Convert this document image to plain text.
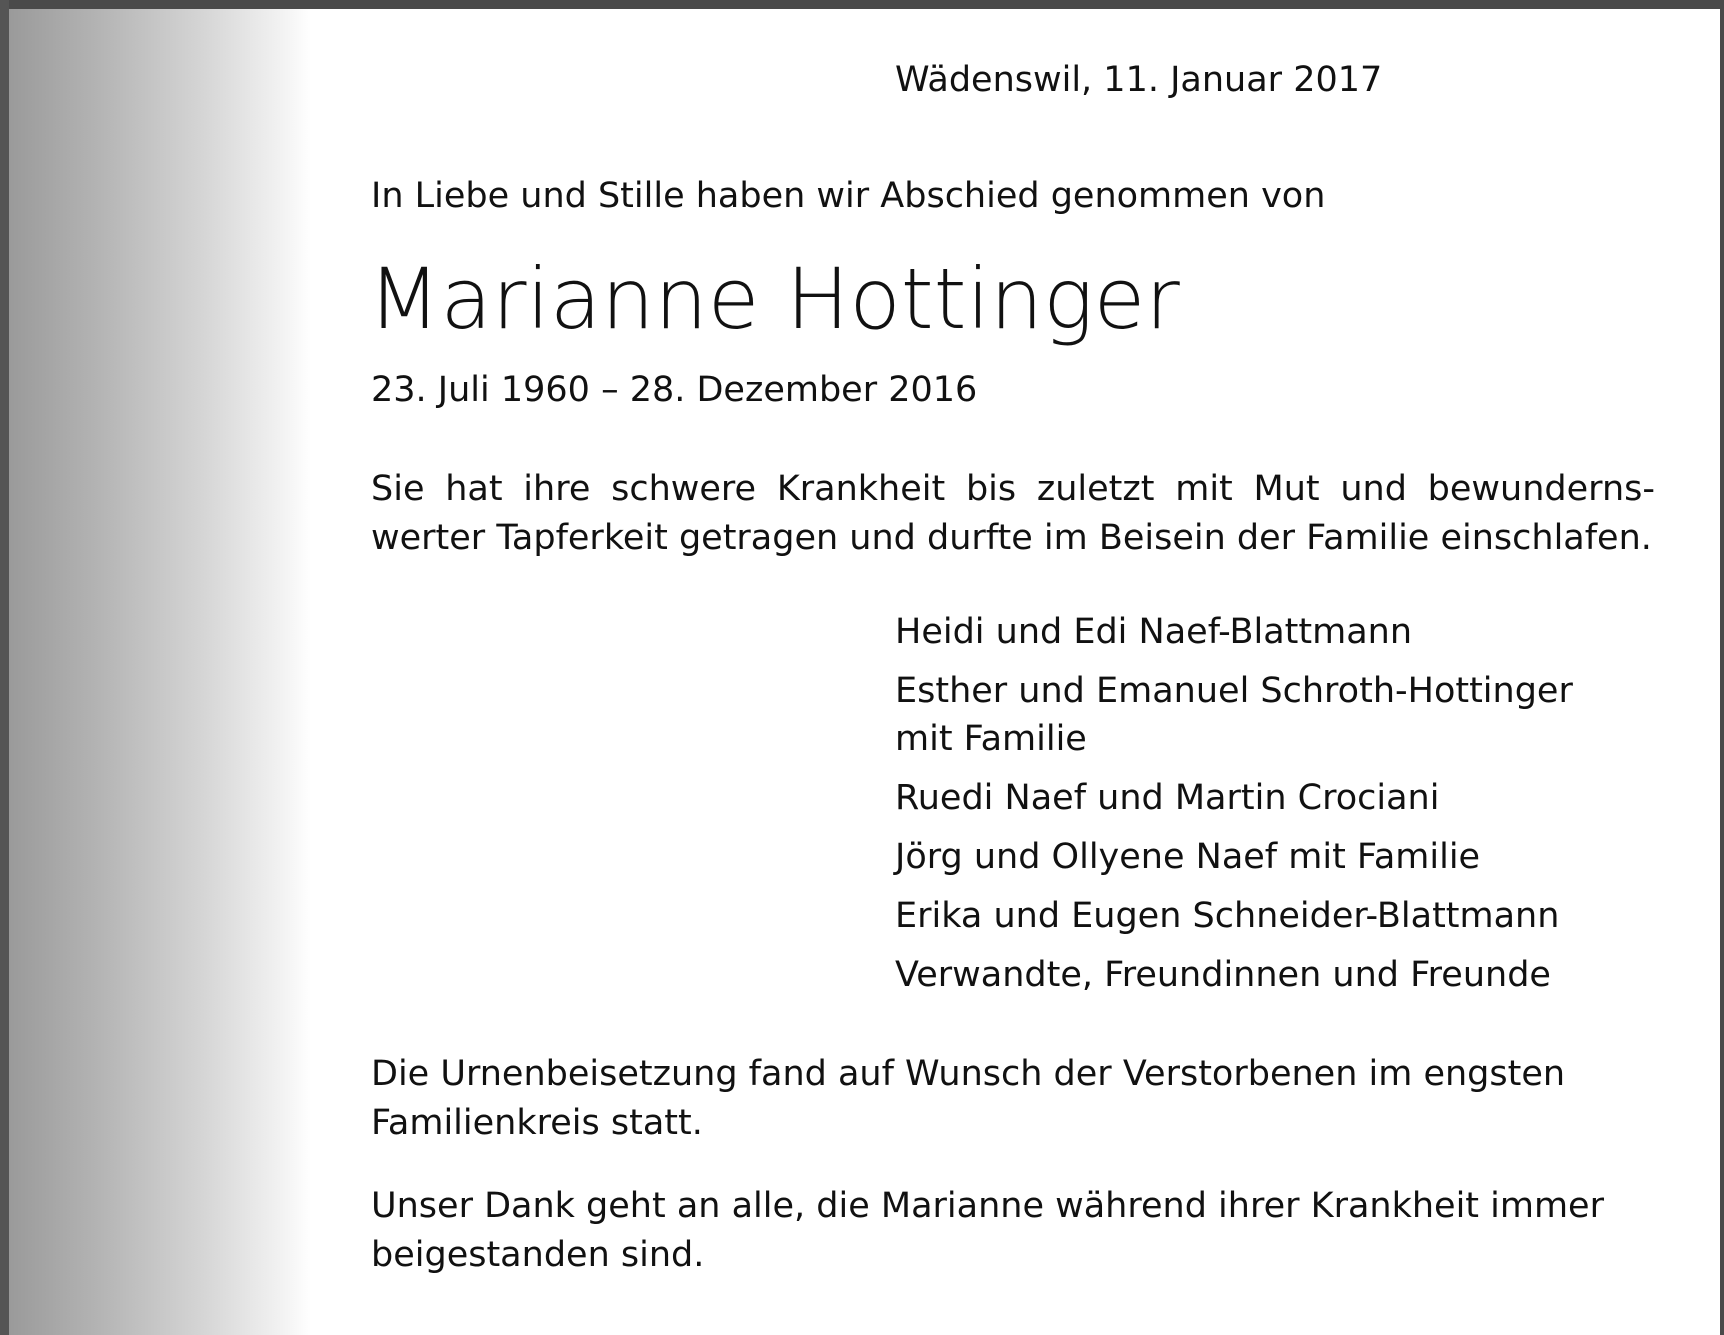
Wädenswil, 11. Januar 2017

In Liebe und Stille haben wir Abschied genommen von

Marianne Hottinger

23. Juli 1960 – 28. Dezember 2016

Sie hat ihre schwere Krankheit bis zuletzt mit Mut und bewunderns-
werter Tapferkeit getragen und durfte im Beisein der Familie einschlafen.
Heidi und Edi Naef-Blattmann
Esther und Emanuel Schroth-Hottinger
mit Familie
Ruedi Naef und Martin Crociani
Jörg und Ollyene Naef mit Familie
Erika und Eugen Schneider-Blattmann
Verwandte, Freundinnen und Freunde
Die Urnenbeisetzung fand auf Wunsch der Verstorbenen im engsten
Familienkreis statt.
Unser Dank geht an alle, die Marianne während ihrer Krankheit immer
beigestanden sind.
